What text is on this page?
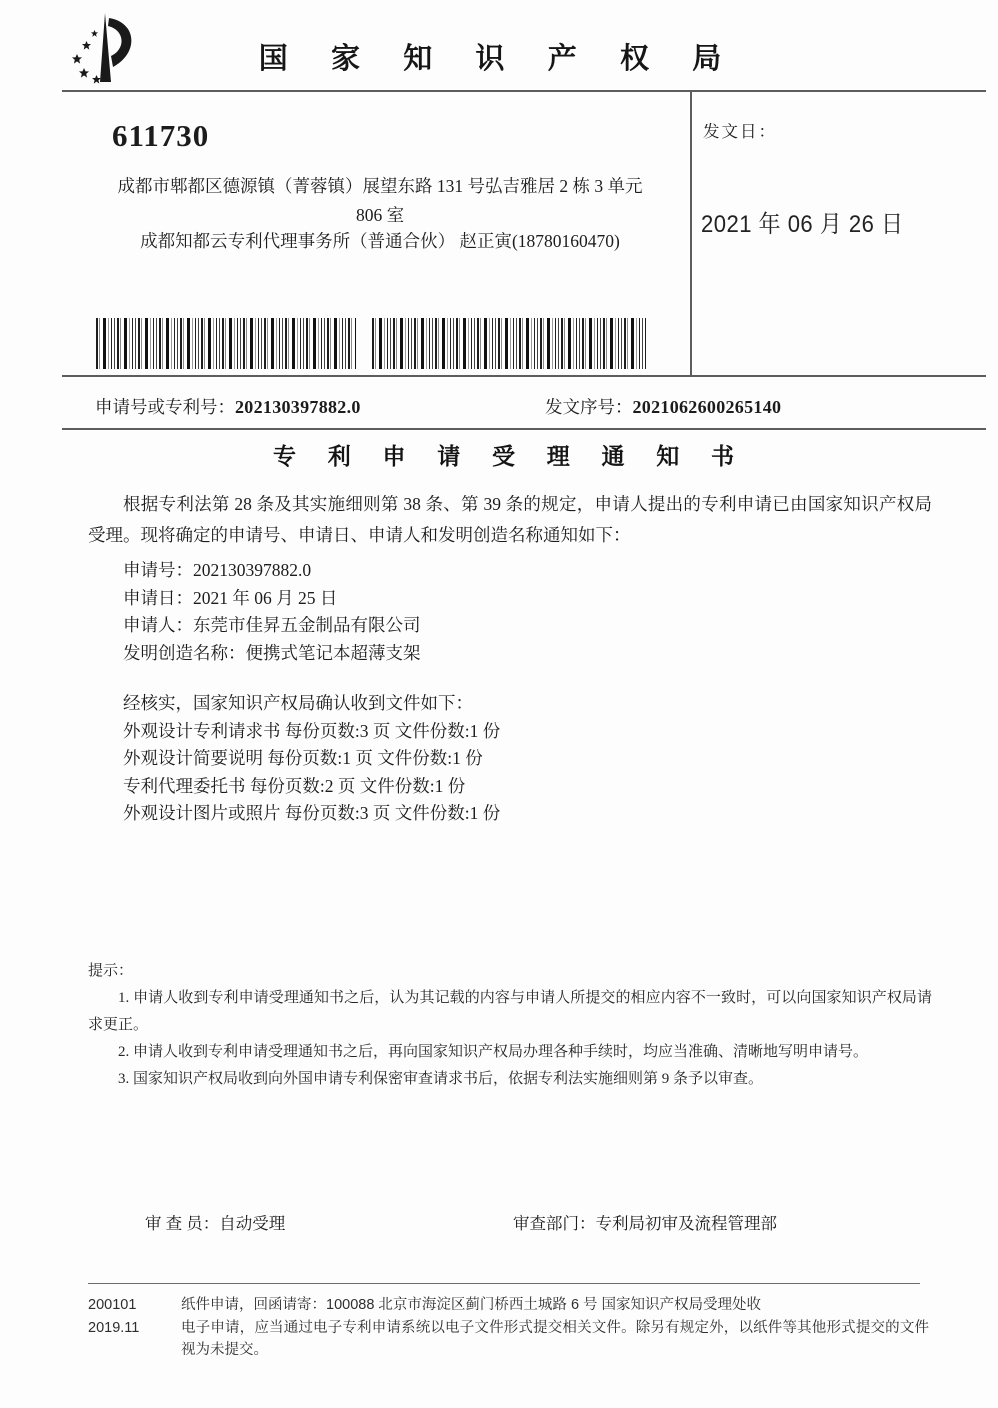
国 家 知 识 产 权 局
611730
成都市郫都区德源镇（菁蓉镇）展望东路 131 号弘吉雅居 2 栋 3 单元
806 室
成都知都云专利代理事务所（普通合伙） 赵正寅(18780160470)
发文日：
2021 年 06 月 26 日
申请号或专利号：202130397882.0	发文序号：2021062600265140
专 利 申 请 受 理 通 知 书

根据专利法第 28 条及其实施细则第 38 条、第 39 条的规定，申请人提出的专利申请已由国家知识产权局受理。现将确定的申请号、申请日、申请人和发明创造名称通知如下：

申请号：202130397882.0
申请日：2021 年 06 月 25 日
申请人：东莞市佳昇五金制品有限公司
发明创造名称：便携式笔记本超薄支架
经核实，国家知识产权局确认收到文件如下：
外观设计专利请求书 每份页数:3 页 文件份数:1 份
外观设计简要说明 每份页数:1 页 文件份数:1 份
专利代理委托书 每份页数:2 页 文件份数:1 份
外观设计图片或照片 每份页数:3 页 文件份数:1 份

提示：

1. 申请人收到专利申请受理通知书之后，认为其记载的内容与申请人所提交的相应内容不一致时，可以向国家知识产权局请求更正。

2. 申请人收到专利申请受理通知书之后，再向国家知识产权局办理各种手续时，均应当准确、清晰地写明申请号。

3. 国家知识产权局收到向外国申请专利保密审查请求书后，依据专利法实施细则第 9 条予以审查。

审 查 员：自动受理	审查部门：专利局初审及流程管理部
200101
2019.11

纸件申请，回函请寄：100088 北京市海淀区蓟门桥西土城路 6 号 国家知识产权局受理处收

电子申请，应当通过电子专利申请系统以电子文件形式提交相关文件。除另有规定外，以纸件等其他形式提交的文件视为未提交。
